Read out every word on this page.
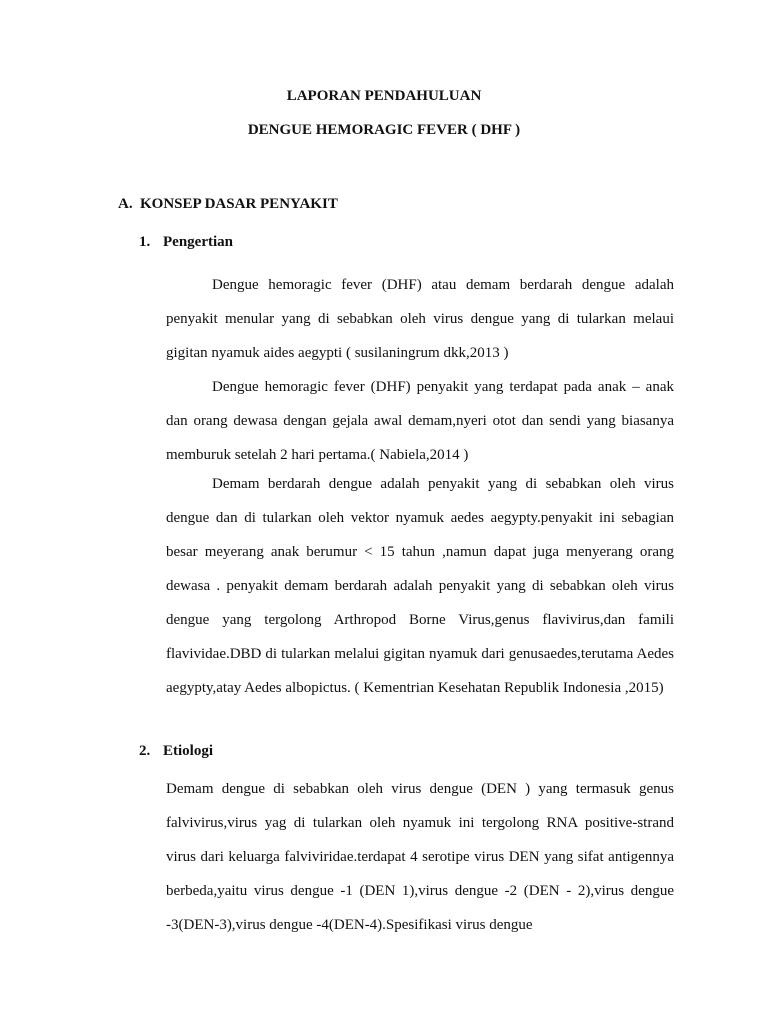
LAPORAN PENDAHULUAN
DENGUE HEMORAGIC FEVER ( DHF )
A. KONSEP DASAR PENYAKIT
1. Pengertian

Dengue hemoragic fever (DHF) atau demam berdarah dengue adalah penyakit menular yang di sebabkan oleh virus dengue yang di tularkan melaui gigitan nyamuk aides aegypti ( susilaningrum dkk,2013 )

Dengue hemoragic fever (DHF) penyakit yang terdapat pada anak – anak dan orang dewasa dengan gejala awal demam,nyeri otot dan sendi yang biasanya memburuk setelah 2 hari pertama.( Nabiela,2014 )

Demam berdarah dengue adalah penyakit yang di sebabkan oleh virus dengue dan di tularkan oleh vektor nyamuk aedes aegypty.penyakit ini sebagian besar meyerang anak berumur < 15 tahun ,namun dapat juga menyerang orang dewasa . penyakit demam berdarah adalah penyakit yang di sebabkan oleh virus dengue yang tergolong Arthropod Borne Virus,genus flavivirus,dan famili flavividae.DBD di tularkan melalui gigitan nyamuk dari genusaedes,terutama Aedes aegypty,atay Aedes albopictus. ( Kementrian Kesehatan Republik Indonesia ,2015)

2. Etiologi

Demam dengue di sebabkan oleh virus dengue (DEN ) yang termasuk genus falvivirus,virus yag di tularkan oleh nyamuk ini tergolong RNA positive-strand virus dari keluarga falviviridae.terdapat 4 serotipe virus DEN yang sifat antigennya berbeda,yaitu virus dengue -1 (DEN 1),virus dengue -2 (DEN - 2),virus dengue -3(DEN-3),virus dengue -4(DEN-4).Spesifikasi virus dengue
